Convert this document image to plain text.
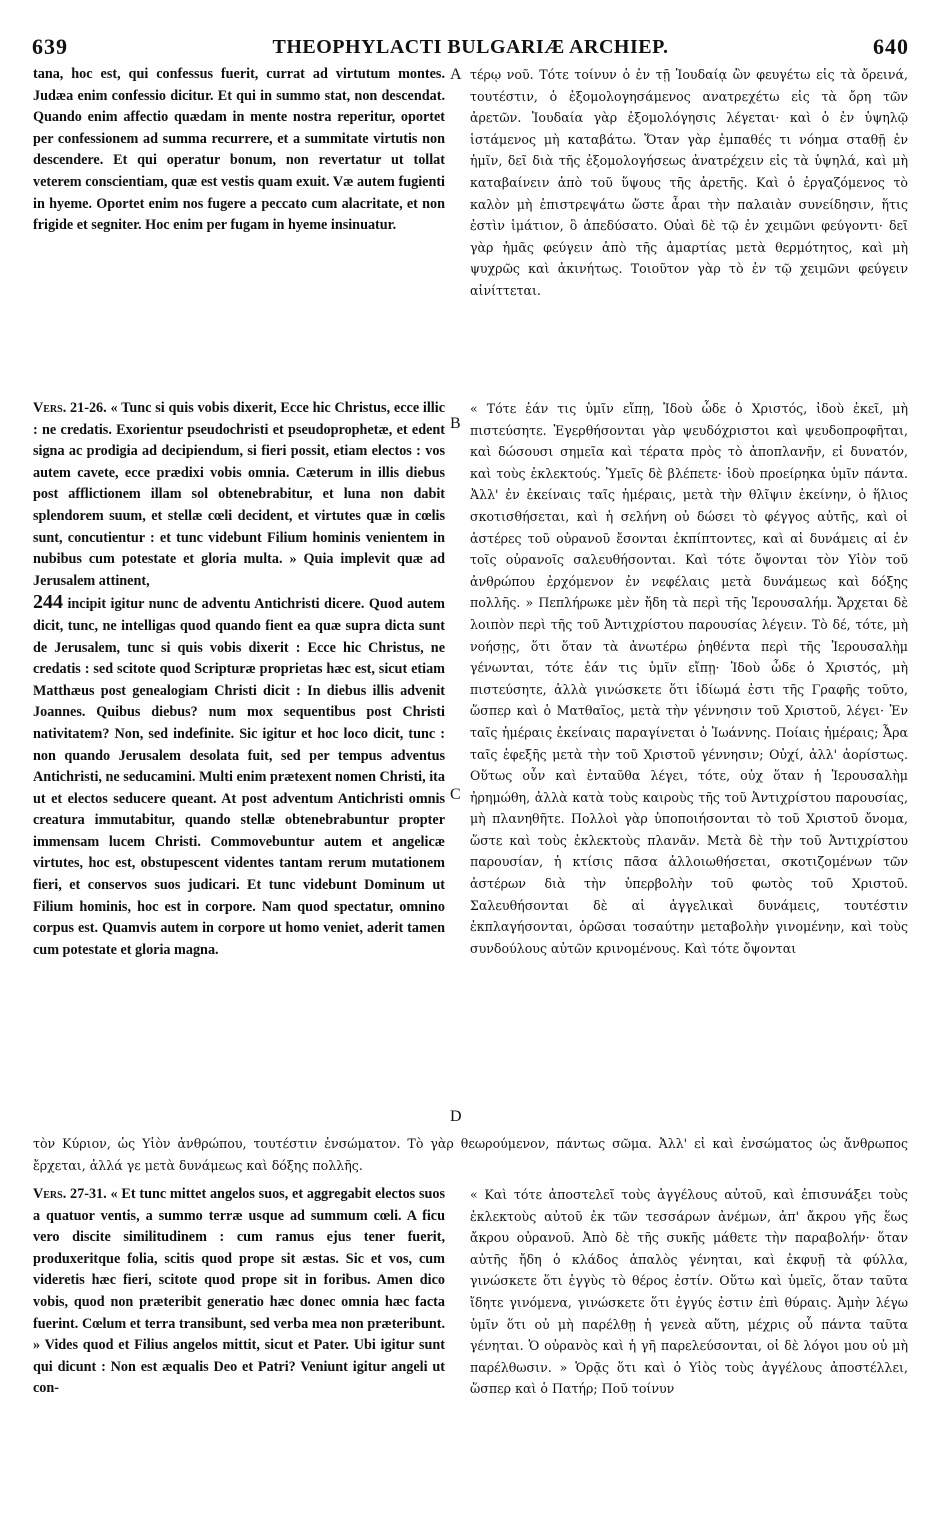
639	THEOPHYLACTI BULGARIÆ ARCHIEP.	640
A
B
C
D

tana, hoc est, qui confessus fuerit, currat ad virtutum montes. Judæa enim confessio dicitur. Et qui in summo stat, non descendat. Quando enim affectio quædam in mente nostra reperitur, oportet per confessionem ad summa recurrere, et a summitate virtutis non descendere. Et qui operatur bonum, non revertatur ut tollat veterem conscientiam, quæ est vestis quam exuit. Væ autem fugienti in hyeme. Oportet enim nos fugere a peccato cum alacritate, et non frigide et segniter. Hoc enim per fugam in hyeme insinuatur.

τέρῳ νοῦ. Τότε τοίνυν ὁ ἐν τῇ Ἰουδαίᾳ ὢν φευγέτω εἰς τὰ ὄρεινά, τουτέστιν, ὁ ἐξομολογησάμενος ανατρεχέτω εἰς τὰ ὄρη τῶν ἀρετῶν. Ἰουδαία γὰρ ἐξομολόγησις λέγεται· καὶ ὁ ἐν ὑψηλῷ ἱστάμενος μὴ καταβάτω. Ὅταν γὰρ ἐμπαθές τι νόημα σταθῇ ἐν ἡμῖν, δεῖ διὰ τῆς ἐξομολογήσεως ἀνατρέχειν εἰς τὰ ὑψηλά, καὶ μὴ καταβαίνειν ἀπὸ τοῦ ὕψους τῆς ἀρετῆς. Καὶ ὁ ἐργαζόμενος τὸ καλὸν μὴ ἐπιστρεψάτω ὥστε ἆραι τὴν παλαιὰν συνείδησιν, ἥτις ἐστὶν ἱμάτιον, ὃ ἀπεδύσατο. Οὐαὶ δὲ τῷ ἐν χειμῶνι φεύγοντι· δεῖ γὰρ ἡμᾶς φεύγειν ἀπὸ τῆς ἁμαρτίας μετὰ θερμότητος, καὶ μὴ ψυχρῶς καὶ ἀκινήτως. Τοιοῦτον γὰρ τὸ ἐν τῷ χειμῶνι φεύγειν αἰνίττεται.

Vers. 21-26. « Tunc si quis vobis dixerit, Ecce hic Christus, ecce illic : ne credatis. Exorientur pseudochristi et pseudoprophetæ, et edent signa ac prodigia ad decipiendum, si fieri possit, etiam electos : vos autem cavete, ecce prædixi vobis omnia. Cæterum in illis diebus post afflictionem illam sol obtenebrabitur, et luna non dabit splendorem suum, et stellæ cœli decident, et virtutes quæ in cœlis sunt, concutientur : et tunc videbunt Filium hominis venientem in nubibus cum potestate et gloria multa. » Quia implevit quæ ad Jerusalem attinent,

244 incipit igitur nunc de adventu Antichristi dicere. Quod autem dicit, tunc, ne intelligas quod quando fient ea quæ supra dicta sunt de Jerusalem, tunc si quis vobis dixerit : Ecce hic Christus, ne credatis : sed scitote quod Scripturæ proprietas hæc est, sicut etiam Matthæus post genealogiam Christi dicit : In diebus illis advenit Joannes. Quibus diebus? num mox sequentibus post Christi nativitatem? Non, sed indefinite. Sic igitur et hoc loco dicit, tunc : non quando Jerusalem desolata fuit, sed per tempus adventus Antichristi, ne seducamini. Multi enim prætexent nomen Christi, ita ut et electos seducere queant. At post adventum Antichristi omnis creatura immutabitur, quando stellæ obtenebrabuntur propter immensam lucem Christi. Commovebuntur autem et angelicæ virtutes, hoc est, obstupescent videntes tantam rerum mutationem fieri, et conservos suos judicari. Et tunc videbunt Dominum ut Filium hominis, hoc est in corpore. Nam quod spectatur, omnino corpus est. Quamvis autem in corpore ut homo veniet, aderit tamen cum potestate et gloria magna.

« Τότε ἐάν τις ὑμῖν εἴπῃ, Ἰδοὺ ὧδε ὁ Χριστός, ἰδοὺ ἐκεῖ, μὴ πιστεύσητε. Ἐγερθήσονται γὰρ ψευδόχριστοι καὶ ψευδοπροφῆται, καὶ δώσουσι σημεῖα καὶ τέρατα πρὸς τὸ ἀποπλανῆν, εἰ δυνατόν, καὶ τοὺς ἐκλεκτούς. Ὑμεῖς δὲ βλέπετε· ἰδοὺ προείρηκα ὑμῖν πάντα. Ἀλλ' ἐν ἐκείναις ταῖς ἡμέραις, μετὰ τὴν θλῖψιν ἐκείνην, ὁ ἥλιος σκοτισθήσεται, καὶ ἡ σελήνη οὐ δώσει τὸ φέγγος αὐτῆς, καὶ οἱ ἀστέρες τοῦ οὐρανοῦ ἔσονται ἐκπίπτοντες, καὶ αἱ δυνάμεις αἱ ἐν τοῖς οὐρανοῖς σαλευθήσονται. Καὶ τότε ὄψονται τὸν Υἱὸν τοῦ ἀνθρώπου ἐρχόμενον ἐν νεφέλαις μετὰ δυνάμεως καὶ δόξης πολλῆς. » Πεπλήρωκε μὲν ἤδη τὰ περὶ τῆς Ἱερουσαλήμ. Ἄρχεται δὲ λοιπὸν περὶ τῆς τοῦ Ἀντιχρίστου παρουσίας λέγειν. Τὸ δέ, τότε, μὴ νοήσῃς, ὅτι ὅταν τὰ ἀνωτέρω ῥηθέντα περὶ τῆς Ἱερουσαλὴμ γένωνται, τότε ἐάν τις ὑμῖν εἴπῃ· Ἰδοὺ ὧδε ὁ Χριστός, μὴ πιστεύσητε, ἀλλὰ γινώσκετε ὅτι ἰδίωμά ἐστι τῆς Γραφῆς τοῦτο, ὥσπερ καὶ ὁ Ματθαῖος, μετὰ τὴν γέννησιν τοῦ Χριστοῦ, λέγει· Ἐν ταῖς ἡμέραις ἐκείναις παραγίνεται ὁ Ἰωάννης. Ποίαις ἡμέραις; Ἆρα ταῖς ἐφεξῆς μετὰ τὴν τοῦ Χριστοῦ γέννησιν; Οὐχί, ἀλλ' ἀορίστως. Οὕτως οὖν καὶ ἐνταῦθα λέγει, τότε, οὐχ ὅταν ἡ Ἱερουσαλὴμ ἠρημώθη, ἀλλὰ κατὰ τοὺς καιροὺς τῆς τοῦ Ἀντιχρίστου παρουσίας, μὴ πλανηθῆτε. Πολλοὶ γὰρ ὑποποιήσονται τὸ τοῦ Χριστοῦ ὄνομα, ὥστε καὶ τοὺς ἐκλεκτοὺς πλανᾶν. Μετὰ δὲ τὴν τοῦ Ἀντιχρίστου παρουσίαν, ἡ κτίσις πᾶσα ἀλλοιωθήσεται, σκοτιζομένων τῶν ἀστέρων διὰ τὴν ὑπερβολὴν τοῦ φωτὸς τοῦ Χριστοῦ. Σαλευθήσονται δὲ αἱ ἀγγελικαὶ δυνάμεις, τουτέστιν ἐκπλαγήσονται, ὁρῶσαι τοσαύτην μεταβολὴν γινομένην, καὶ τοὺς συνδούλους αὐτῶν κρινομένους. Καὶ τότε ὄψονται

τὸν Κύριον, ὡς Υἱὸν ἀνθρώπου, τουτέστιν ἐνσώματον. Τὸ γὰρ θεωρούμενον, πάντως σῶμα. Ἀλλ' εἰ καὶ ἐνσώματος ὡς ἄνθρωπος ἔρχεται, ἀλλά γε μετὰ δυνάμεως καὶ δόξης πολλῆς.

Vers. 27-31. « Et tunc mittet angelos suos, et aggregabit electos suos a quatuor ventis, a summo terræ usque ad summum cœli. A ficu vero discite similitudinem : cum ramus ejus tener fuerit, produxeritque folia, scitis quod prope sit æstas. Sic et vos, cum videretis hæc fieri, scitote quod prope sit in foribus. Amen dico vobis, quod non præteribit generatio hæc donec omnia hæc facta fuerint. Cœlum et terra transibunt, sed verba mea non præteribunt. » Vides quod et Filius angelos mittit, sicut et Pater. Ubi igitur sunt qui dicunt : Non est æqualis Deo et Patri? Veniunt igitur angeli ut con-

« Καὶ τότε ἀποστελεῖ τοὺς ἀγγέλους αὐτοῦ, καὶ ἐπισυνάξει τοὺς ἐκλεκτοὺς αὐτοῦ ἐκ τῶν τεσσάρων ἀνέμων, ἀπ' ἄκρου γῆς ἕως ἄκρου οὐρανοῦ. Ἀπὸ δὲ τῆς συκῆς μάθετε τὴν παραβολήν· ὅταν αὐτῆς ἤδη ὁ κλάδος ἁπαλὸς γένηται, καὶ ἐκφυῇ τὰ φύλλα, γινώσκετε ὅτι ἐγγὺς τὸ θέρος ἐστίν. Οὕτω καὶ ὑμεῖς, ὅταν ταῦτα ἴδητε γινόμενα, γινώσκετε ὅτι ἐγγύς ἐστιν ἐπὶ θύραις. Ἀμὴν λέγω ὑμῖν ὅτι οὐ μὴ παρέλθῃ ἡ γενεὰ αὕτη, μέχρις οὗ πάντα ταῦτα γένηται. Ὁ οὐρανὸς καὶ ἡ γῆ παρελεύσονται, οἱ δὲ λόγοι μου οὐ μὴ παρέλθωσιν. » Ὁρᾷς ὅτι καὶ ὁ Υἱὸς τοὺς ἀγγέλους ἀποστέλλει, ὥσπερ καὶ ὁ Πατήρ; Ποῦ τοίνυν
